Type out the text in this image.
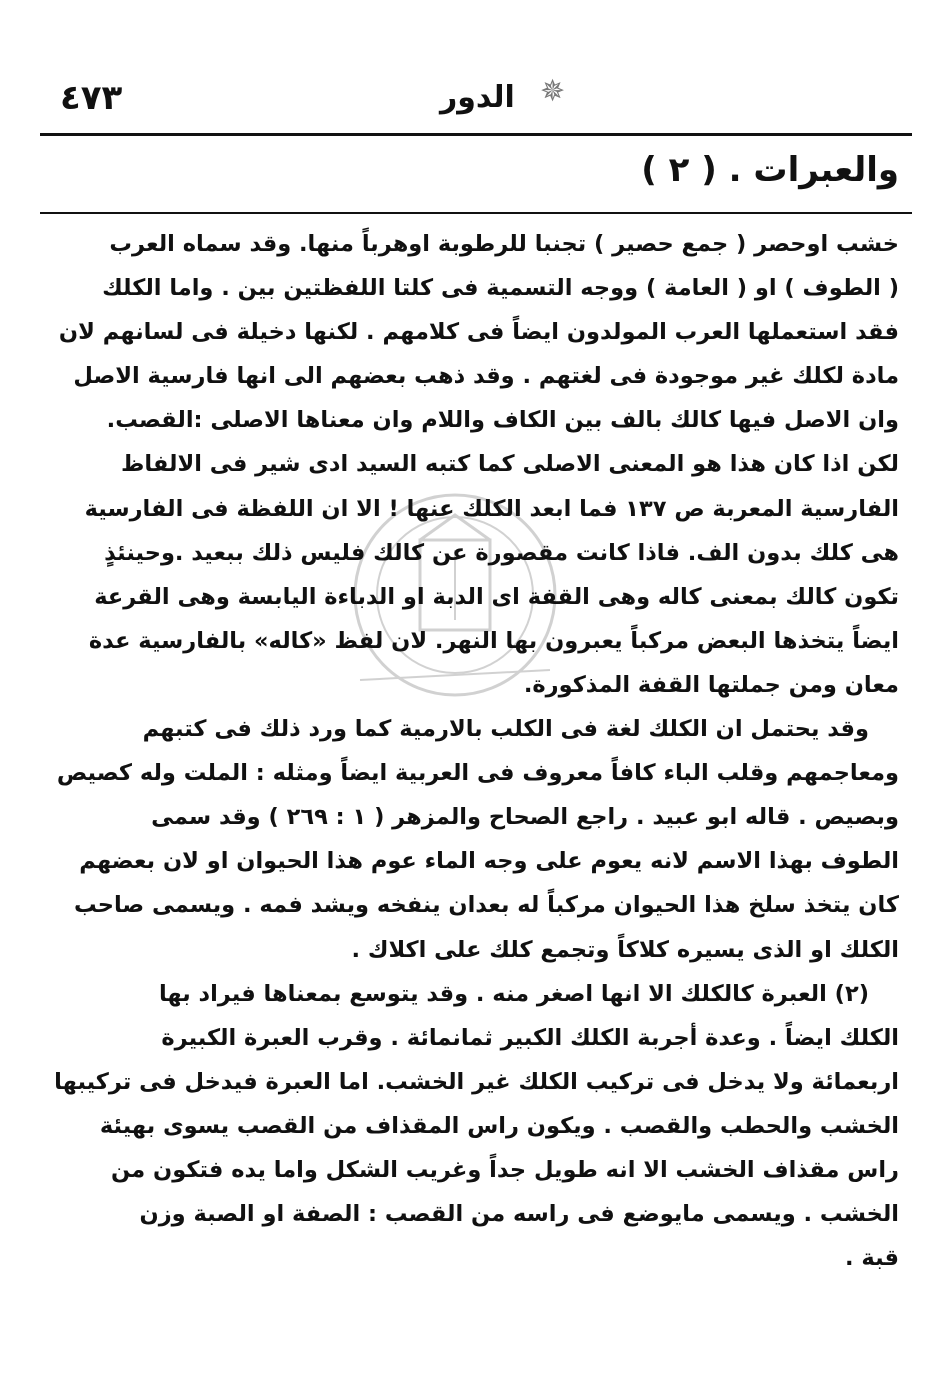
٤٧٣	✵
الدور
والعبرات . ( ٢ )
خشب اوحصر ( جمع حصير ) تجنبا للرطوبة اوهرباً منها. وقد سماه العرب
( الطوف ) او ( العامة ) ووجه التسمية فى كلتا اللفظتين بين . واما الكلك
فقد استعملها العرب المولدون ايضاً فى كلامهم . لكنها دخيلة فى لسانهم لان
مادة لكلك غير موجودة فى لغتهم . وقد ذهب بعضهم الى انها فارسية الاصل
وان الاصل فيها كالك بالف بين الكاف واللام وان معناها الاصلى :القصب.
لكن اذا كان هذا هو المعنى الاصلى كما كتبه السيد ادى شير فى الالفاظ
الفارسية المعربة ص ١٣٧ فما ابعد الكلك عنها ! الا ان اللفظة فى الفارسية
هى كلك بدون الف. فاذا كانت مقصورة عن كالك فليس ذلك ببعيد .وحينئذٍ
تكون كالك بمعنى كاله وهى القفة اى الدبة او الدباءة اليابسة وهى القرعة
ايضاً يتخذها البعض مركباً يعبرون بها النهر. لان لفظ «كاله» بالفارسية عدة
معان ومن جملتها القفة المذكورة.
وقد يحتمل ان الكلك لغة فى الكلب بالارمية كما ورد ذلك فى كتبهم
ومعاجمهم وقلب الباء كافاً معروف فى العربية ايضاً ومثله : الملت وله كصيص
وبصيص . قاله ابو عبيد . راجع الصحاح والمزهر ( ١ : ٢٦٩ ) وقد سمى
الطوف بهذا الاسم لانه يعوم على وجه الماء عوم هذا الحيوان او لان بعضهم
كان يتخذ سلخ هذا الحيوان مركباً له بعدان ينفخه ويشد فمه . ويسمى صاحب
الكلك او الذى يسيره كلاكاً وتجمع كلك على اكلاك .
(٢) العبرة كالكلك الا انها اصغر منه . وقد يتوسع بمعناها فيراد بها
الكلك ايضاً . وعدة أجربة الكلك الكبير ثمانمائة . وقرب العبرة الكبيرة
اربعمائة ولا يدخل فى تركيب الكلك غير الخشب. اما العبرة فيدخل فى تركيبها
الخشب والحطب والقصب . ويكون راس المقذاف من القصب يسوى بهيئة
راس مقذاف الخشب الا انه طويل جداً وغريب الشكل واما يده فتكون من
الخشب . ويسمى مايوضع فى راسه من القصب : الصفة او الصبة وزن
قبة .
